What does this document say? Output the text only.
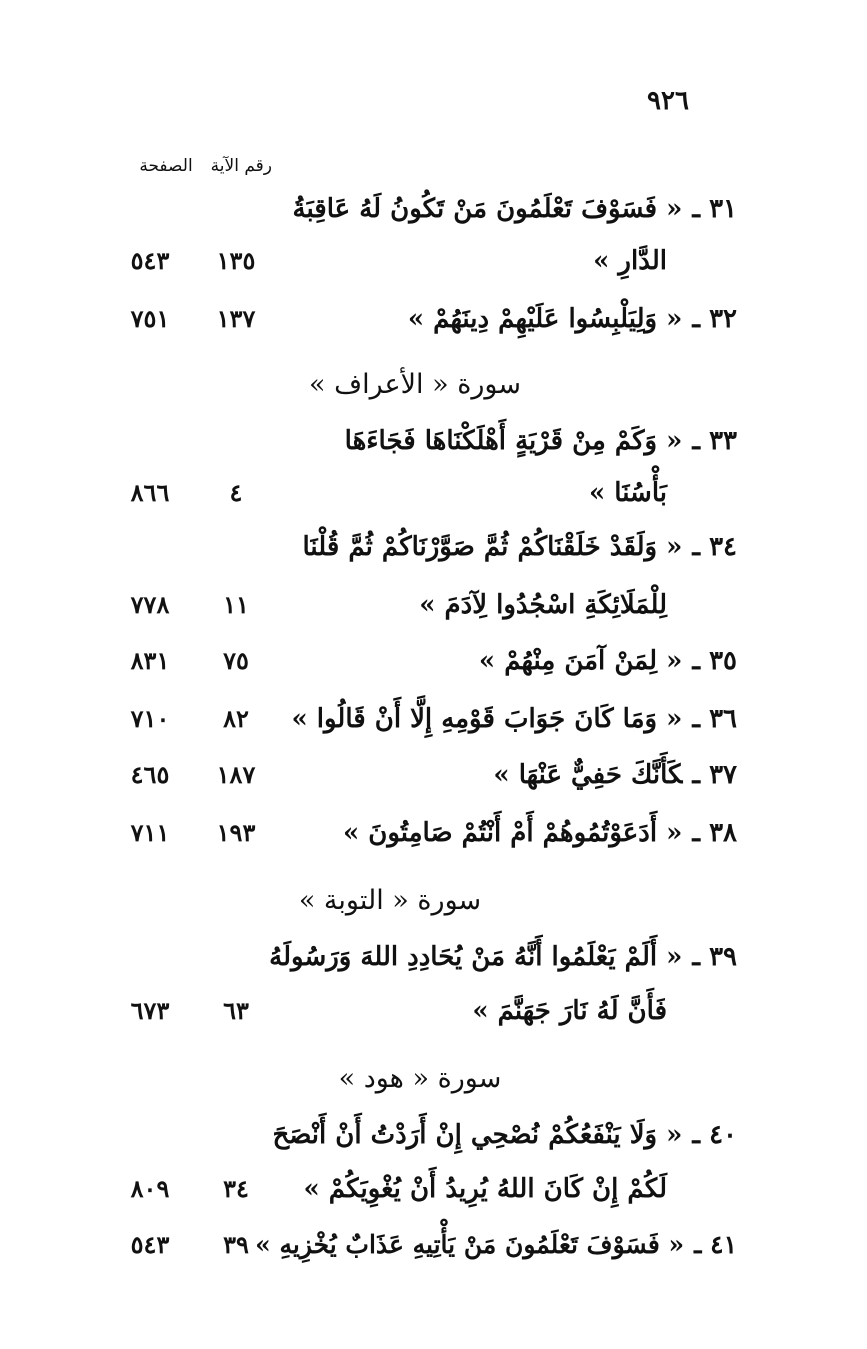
٩٢٦
رقم الآيةالصفحة
٣١ ـ« فَسَوْفَ تَعْلَمُونَ مَنْ تَكُونُ لَهُ عَاقِبَةُ
الدَّارِ »
١٣٥
٥٤٣
٣٢ ـ« وَلِيَلْبِسُوا عَلَيْهِمْ دِينَهُمْ »
١٣٧
٧٥١
سورة « الأعراف »
٣٣ ـ« وَكَمْ مِنْ قَرْيَةٍ أَهْلَكْنَاهَا فَجَاءَهَا
بَأْسُنَا »
٤
٨٦٦
٣٤ ـ« وَلَقَدْ خَلَقْنَاكُمْ ثُمَّ صَوَّرْنَاكُمْ ثُمَّ قُلْنَا
لِلْمَلَائِكَةِ اسْجُدُوا لِآدَمَ »
١١
٧٧٨
٣٥ ـ« لِمَنْ آمَنَ مِنْهُمْ »
٧٥
٨٣١
٣٦ ـ« وَمَا كَانَ جَوَابَ قَوْمِهِ إِلَّا أَنْ قَالُوا »
٨٢
٧١٠
٣٧ ـكَأَنَّكَ حَفِيٌّ عَنْهَا »
١٨٧
٤٦٥
٣٨ ـ« أَدَعَوْتُمُوهُمْ أَمْ أَنْتُمْ صَامِتُونَ »
١٩٣
٧١١
سورة « التوبة »
٣٩ ـ« أَلَمْ يَعْلَمُوا أَنَّهُ مَنْ يُحَادِدِ اللهَ وَرَسُولَهُ
فَأَنَّ لَهُ نَارَ جَهَنَّمَ »
٦٣
٦٧٣
سورة « هود »
٤٠ ـ« وَلَا يَنْفَعُكُمْ نُصْحِي إِنْ أَرَدْتُ أَنْ أَنْصَحَ
لَكُمْ إِنْ كَانَ اللهُ يُرِيدُ أَنْ يُغْوِيَكُمْ »
٣٤
٨٠٩
٤١ ـ« فَسَوْفَ تَعْلَمُونَ مَنْ يَأْتِيهِ عَذَابٌ يُخْزِيهِ »
٣٩
٥٤٣
